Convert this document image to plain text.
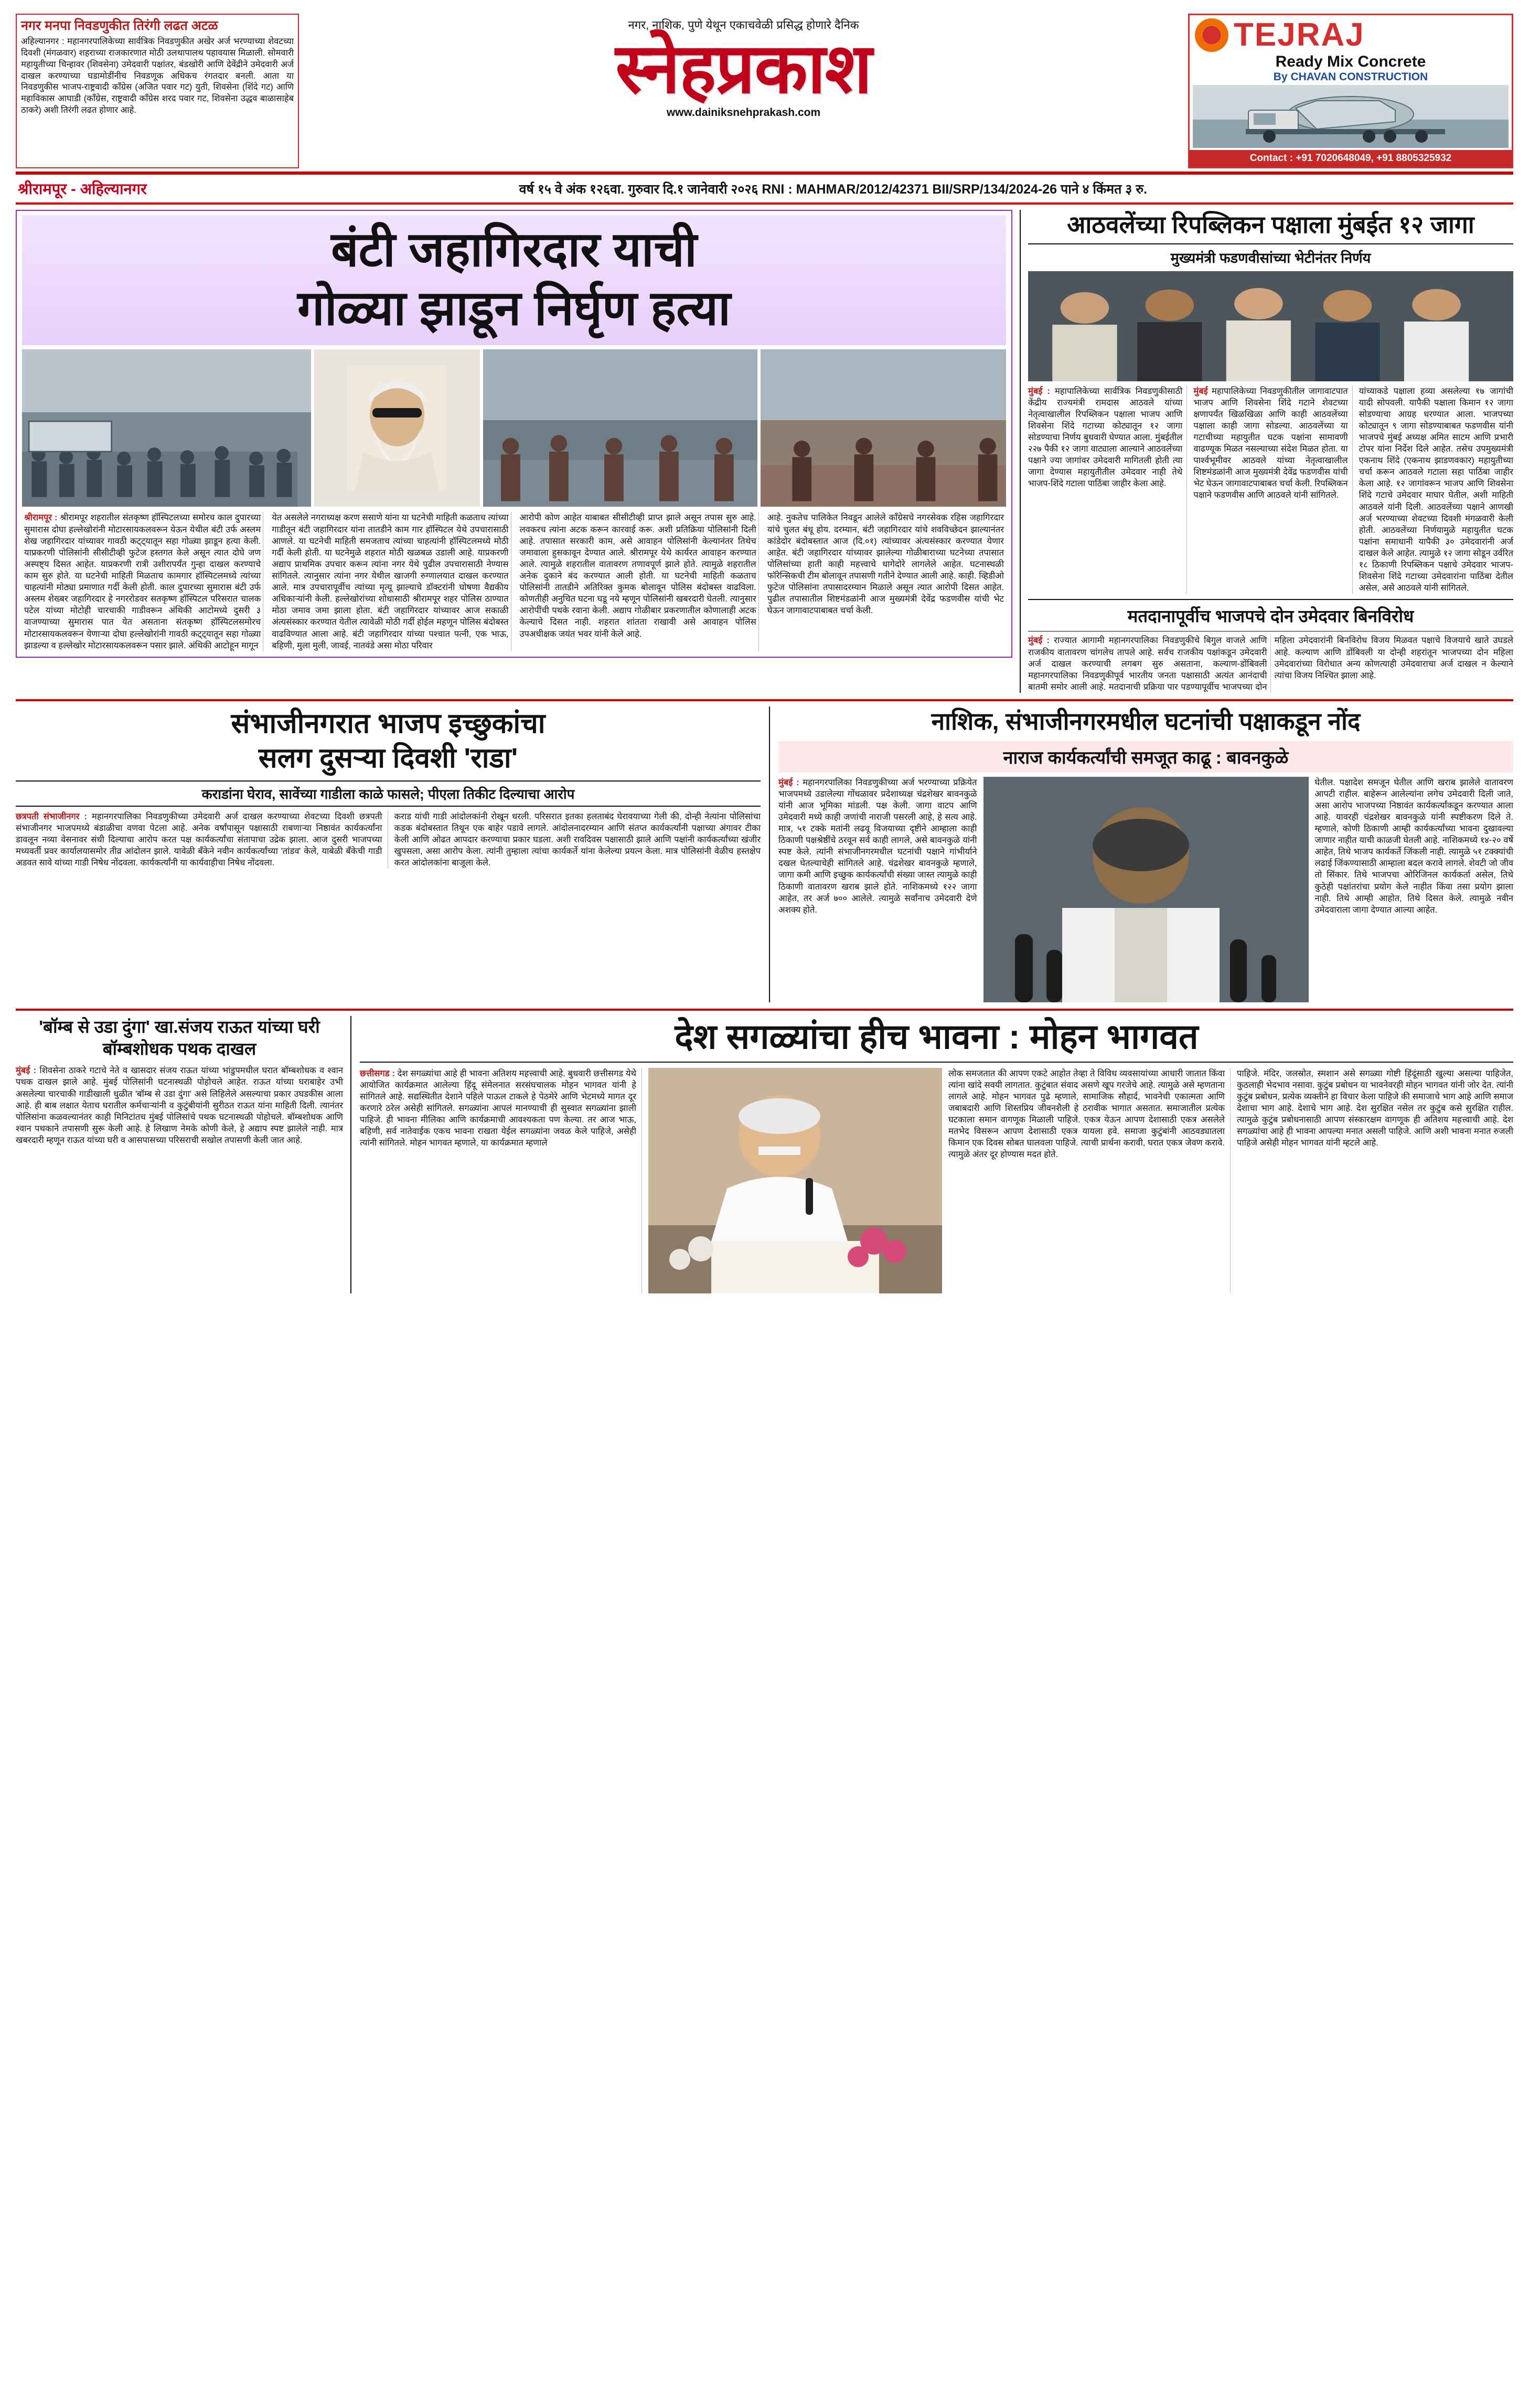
नगर मनपा निवडणुकीत तिरंगी लढत अटळ
अहिल्यानगर : महानगरपालिकेच्या सार्वत्रिक निवडणुकीत अखेर अर्ज भरण्याच्या शेवटच्या दिवशी (मंगळवार) शहराच्या राजकारणात मोठी उलथापालथ पहावयास मिळाली. सोमवारी महायुतीच्या चिन्हावर (शिवसेना) उमेदवारी पक्षांतर, बंडखोरी आणि देवेंद्रीने उमेदवारी अर्ज दाखल करण्याच्या घडामोडींनीच निवडणूक अधिकच रंगतदार बनली. आता या निवडणुकीस भाजप-राष्ट्रवादी काँग्रेस (अजित पवार गट) युती, शिवसेना (शिंदे गट) आणि महाविकास आघाडी (काँग्रेस, राष्ट्रवादी काँग्रेस शरद पवार गट, शिवसेना उद्धव बाळासाहेब ठाकरे) अशी तिरंगी लढत होणार आहे.
नगर, नाशिक, पुणे येथून एकाचवेळी प्रसिद्ध होणारे दैनिक
स्नेहप्रकाश
www.dainiksnehprakash.com
TEJRAJ
Ready Mix Concrete
By CHAVAN CONSTRUCTION
Contact : +91 7020648049, +91 8805325932
श्रीरामपूर - अहिल्यानगर	वर्ष १५ वे अंक १२६वा. गुरुवार दि.१ जानेवारी २०२६ RNI : MAHMAR/2012/42371 BII/SRP/134/2024-26 पाने ४ किंमत ३ रु.
बंटी जहागिरदार याची
गोळ्या झाडून निर्घृण हत्या
श्रीरामपूर : श्रीरामपूर शहरातील संतकृष्ण हॉस्पिटलच्या समोरच काल दुपारच्या सुमारास दोघा हल्लेखोरांनी मोटारसायकलवरून येऊन येथील बंटी उर्फ अस्लम शेख जहागिरदार यांच्यावर गावठी कट्ट्यातून सहा गोळ्या झाडून हत्या केली. याप्रकरणी पोलिसांनी सीसीटीव्ही फुटेज हस्तगत केले असून त्यात दोघे जण अस्पष्ट्य दिसत आहेत. याप्रकरणी रात्री उशीरापर्यंत गुन्हा दाखल करण्याचे काम सुरु होते. या घटनेची माहिती मिळताच कामगार हॉस्पिटलमध्ये त्यांच्या चाहत्यांनी मोठ्या प्रमाणात गर्दी केली होती. काल दुपारच्या सुमारास बंटी उर्फ अस्लम शेख्बर जहागिरदार हे नगररोडवर सतकृष्ण हॉस्पिटल परिसरात चालक पटेल यांच्या मोटोही चारचाकी गाडीवरून अंथिकी आटोमध्ये दुसरी ३ वाजण्याच्या सुमारास पात येत असताना संतकृष्ण हॉस्पिटलसमोरच मोटारसायकलवरून येणाऱ्या दोघा हल्लेखोरांनी गावठी कट्ट्यातून सहा गोळ्या झाडल्या व हल्लेखोर मोटारसायकलवरून पसार झाले. अंथिकी आटोहून मागून
येत असलेले नगराध्यक्ष करण ससाणे यांना या घटनेची माहिती कळताच त्यांच्या गाडीतून बंटी जहागिरदार यांना तातडीने काम गार हॉस्पिटल येथे उपचारासाठी आणले. या घटनेची माहिती समजताच त्यांच्या चाहत्यांनी हॉस्पिटलमध्ये मोठी गर्दी केली होती. या घटनेमुळे शहरात मोठी खळबळ उडाली आहे. याप्रकरणी अद्याप प्राथमिक उपचार करून त्यांना नगर येथे पुढील उपचारासाठी नेण्यास सांगितले. त्यानुसार त्यांना नगर येथील खाजगी रुग्णालयात दाखल करण्यात आले. मात्र उपचारापूर्वीच त्यांच्या मृत्यू झाल्याचे डॉक्टरांनी घोषणा वैद्यकीय अधिकाऱ्यांनी केली. हल्लेखोरांच्या शोधासाठी श्रीरामपूर शहर पोलिस ठाण्यात मोठा जमाव जमा झाला होता. बंटी जहागिरदार यांच्यावर आज सकाळी अंत्यसंस्कार करण्यात येतील त्यावेळी मोठी गर्दी होईल महणून पोलिस बंदोबस्त वाढविण्यात आला आहे. बंटी जहागिरदार यांच्या पश्चात पत्नी, एक भाऊ, बहिणी, मुला मुली, जावई, नातवंडे असा मोठा परिवार
आरोपी कोण आहेत याबाबत सीसीटीव्ही प्राप्त झाले असून तपास सुरु आहे. लवकरच त्यांना अटक करून कारवाई करू. अशी प्रतिक्रिया पोलिसांनी दिली आहे. तपासात सरकारी काम, असे आवाहन पोलिसांनी केल्यानंतर तिथेच जमावाला हुसकावून देण्यात आले. श्रीरामपूर येथे कार्यरत आवाहन करण्यात आले. त्यामुळे शहरातील वातावरण तणावपूर्ण झाले होते. त्यामुळे शहरातील अनेक दुकाने बंद करण्यात आली होती. या घटनेची माहिती कळताच पोलिसांनी तातडीने अतिरिक्त कुमक बोलावून पोलिस बंदोबस्त वाढविला. कोणतीही अनुचित घटना घडू नये म्हणून पोलिसांनी खबरदारी घेतली. त्यानुसार आरोपींची पथके रवाना केली. अद्याप गोळीबार प्रकरणातील कोणालाही अटक केल्याचे दिसत नाही. शहरात शांतता राखावी असे आवाहन पोलिस उपअधीक्षक जयंत भवर यांनी केले आहे.
आहे. नुकतेच पालिकेत निवडून आलेले काँग्रेसचे नगरसेवक रहिस जहागिरदार यांचे चुलत बंधू होय. दरम्यान, बंटी जहागिरदार यांचे शवविच्छेदन झाल्यानंतर कांडेदोर बंदोबस्तात आज (दि.०१) त्यांच्यावर अंत्यसंस्कार करण्यात येणार आहेत. बंटी जहागिरदार यांच्यावर झालेल्या गोळीबाराच्या घटनेच्या तपासात पोलिसांच्या हाती काही महत्त्वाचे धागेदोरे लागलेले आहेत. घटनास्थळी फॉरेन्सिकची टीम बोलावून तपासणी गतीने देण्यात आली आहे. काही. व्हिडीओ फुटेज पोलिसांना तपासादरम्यान मिळाले असून त्यात आरोपी दिसत आहेत. पुढील तपासातील शिष्टमंडळांनी आज मुख्यमंत्री देवेंद्र फडणवीस यांची भेट घेऊन जागावाटपाबाबत चर्चा केली.
आठवलेंच्या रिपब्लिकन पक्षाला मुंबईत १२ जागा
मुख्यमंत्री फडणवीसांच्या भेटीनंतर निर्णय
मुंबई : महापालिकेच्या सार्वत्रिक निवडणुकीसाठी केंद्रीय राज्यमंत्री रामदास आठवले यांच्या नेतृत्वाखालील रिपब्लिकन पक्षाला भाजप आणि शिवसेना शिंदे गटाच्या कोट्यातून १२ जागा सोडण्याचा निर्णय बुधवारी घेण्यात आला. मुंबईतील २२७ पैकी १२ जागा वाट्याला आल्याने आठवलेंच्या पक्षाने ज्या जागांवर उमेदवारी मागितली होती त्या जागा देण्यास महायुतीतील उमेदवार नाही तेथे भाजप-शिंदे गटाला पाठिंबा जाहीर केला आहे.
मुंबई महापालिकेच्या निवडणुकीतील जागावाटपात भाजप आणि शिवसेना शिंदे गटाने शेवटच्या क्षणापर्यंत खिळखिळा आणि काही आठवलेंच्या पक्षाला काही जागा सोडल्या. आठवलेंच्या या गटाचीच्या महायुतीत घटक पक्षांना सामावणी वाढण्यूक मिळत नसल्याच्या संदेश मिळत होता. या पार्श्वभूमीवर आठवले यांच्या नेतृत्वाखालील शिष्टमंडळांनी आज मुख्यमंत्री देवेंद्र फडणवीस यांची भेट घेऊन जागावाटपाबाबत चर्चा केली. रिपब्लिकन पक्षाने फडणवीस आणि आठवले यांनी सांगितले.
यांच्याकडे पक्षाला हव्या असलेल्या १७ जागांची यादी सोपवली. यापैकी पक्षाला किमान १२ जागा सोडण्याचा आग्रह धरण्यात आला. भाजपच्या कोट्यातून ९ जागा सोडण्याबाबत फडणवीस यांनी भाजपचे मुंबई अध्यक्ष अमित साटम आणि प्रभारी टोपर यांना निर्देश दिले आहेत. तसेच उपमुख्यमंत्री एकनाथ शिंदे (एकनाथ झाडणवकार) महायुतीच्या चर्चा करून आठवले गटाला सहा पाठिंबा जाहीर केला आहे. १२ जागांवरून भाजप आणि शिवसेना शिंदे गटाचे उमेदवार माघार घेतील, अशी माहिती आठवले यांनी दिली. आठवलेंच्या पक्षाने आणखी अर्ज भरण्याच्या शेवटच्या दिवशी मंगळवारी केली होती. आठवलेंच्या निर्णयामुळे महायुतीत घटक पक्षांना समाधानी यापैकी ३० उमेदवारांनी अर्ज दाखल केले आहेत. त्यामुळे १२ जागा सोडून उर्वरित १८ ठिकाणी रिपब्लिकन पक्षाचे उमेदवार भाजप-शिवसेना शिंदे गटाच्या उमेदवारांना पाठिंबा देतील असेल, असे आठवले यांनी सांगितले.
मतदानापूर्वीच भाजपचे दोन उमेदवार बिनविरोध
मुंबई : राज्यात आगामी महानगरपालिका निवडणुकीचे बिगुल वाजले आणि राजकीय वातावरण चांगलेच तापले आहे. सर्वच राजकीय पक्षांकडून उमेदवारी अर्ज दाखल करण्याची लगबग सुरु असताना, कल्याण-डोंबिवली महानगरपालिका निवडणुकीपूर्व भारतीय जनता पक्षासाठी अत्यंत आनंदाची बातमी समोर आली आहे. मतदानाची प्रक्रिया पार पडण्यापूर्वीच भाजपच्या दोन महिला उमेदवारांनी बिनविरोध विजय मिळवत पक्षाचे विजयाचे खाते उघडले आहे. कल्याण आणि डोंबिवली या दोन्ही शहरांतून भाजपच्या दोन महिला उमेदवारांच्या विरोधात अन्य कोणत्याही उमेदवाराचा अर्ज दाखल न केल्याने त्यांचा विजय निश्चित झाला आहे.
संभाजीनगरात भाजप इच्छुकांचा
सलग दुसऱ्या दिवशी 'राडा'
कराडांना घेराव, सावेंच्या गाडीला काळे फासले; पीएला तिकीट दिल्याचा आरोप
छत्रपती संभाजीनगर : महानगरपालिका निवडणुकीच्या उमेदवारी अर्ज दाखल करण्याच्या शेवटच्या दिवशी छत्रपती संभाजीनगर भाजपमध्ये बंडाळीचा वणवा पेटला आहे. अनेक वर्षांपासून पक्षासाठी राबणाऱ्या निष्ठावंत कार्यकर्त्यांना डावलून नव्या वेसनावर संधी दिल्याचा आरोप करत पक्ष कार्यकर्त्यांचा संतापाचा उद्रेक झाला. आज दुसरी भाजपच्या मध्यवर्ती प्रवर कार्यालयासमोर तीव्र आंदोलन झाले. यावेळी बँकेने नवीन कार्यकर्त्यांच्या 'तांडव' केले, याबेळी बँकेची गाडी अडवत सावे यांच्या गाडी निषेध नोंदवला. कार्यकर्त्यांनी या कार्यवाहीचा निषेध नोंदवला.
कराड यांची गाडी आंदोलकांनी रोखून धरली. परिसरात इतका हलताबंद घेरावयाच्या गेली की, दोन्ही नेत्यांना पोलिसांचा कडक बंदोबस्तात तिथून एक बाहेर पडावे लागले. आंदोलनादरम्यान आणि संतप्त कार्यकर्त्यांनी पक्षाच्या अंगावर टीका केली आणि ओढत आपदार करण्याचा प्रकार घडला. अशी रावदिवस पक्षासाठी झाले आणि पक्षांनी कार्यकर्त्यांच्या खंजीर खुपसला, असा आरोप केला. त्यांनी तुम्हाला त्यांचा कार्यकर्ते यांना केलेल्या प्रयत्न केला. मात्र पोलिसांनी वेळीच हस्तक्षेप करत आंदोलकांना बाजूला केले.
नाशिक, संभाजीनगरमधील घटनांची पक्षाकडून नोंद
नाराज कार्यकर्त्यांची समजूत काढू : बावनकुळे
मुंबई : महानगरपालिका निवडणुकीच्या अर्ज भरण्याच्या प्रक्रियेत भाजपमध्ये उडालेल्या गोंधळावर प्रदेशाध्यक्ष चंद्रशेखर बावनकुळे यांनी आज भूमिका मांडली. पक्ष केली. जागा वाटप आणि उमेदवारी मध्ये काही जणांची नाराजी पसरली आहे, हे सत्य आहे. मात्र, ५१ टक्के मतांनी लढवू विजयाच्या दृष्टीने आम्हाला काही ठिकाणी पक्षश्रेष्ठींचे ठरवून सर्व काही लागले, असे बावनकुळे यांनी स्पष्ट केले. त्यांनी संभाजीनगरमधील घटनांची पक्षाने गांभीर्याने दखल घेतल्याचेही सांगितले आहे. चंद्रशेखर बावनकुळे म्हणाले, जागा कमी आणि इच्छुक कार्यकर्त्यांची संख्या जास्त त्यामुळे काही ठिकाणी वातावरण खराब झाले होते. नाशिकमध्ये १२२ जागा आहेत, तर अर्ज ७०० आलेले. त्यामुळे सर्वांनाच उमेदवारी देणे अशक्य होते.
घेतील. पक्षादेश समजून घेतील आणि खराब झालेले वातावरण आपटी राहील. बाहेरून आलेल्यांना लगेच उमेदवारी दिली जाते, असा आरोप भाजपच्या निष्ठावंत कार्यकर्त्यांकडून करण्यात आला आहे. यावरही चंद्रशेखर बावनकुळे यांनी स्पष्टीकरण दिले ते. म्हणाले, कोणी ठिकाणी आम्ही कार्यकर्त्यांच्या भावना दुखावल्या जाणार नाहीत याची काळजी घेतली आहे. नाशिकमध्ये १४-२० वर्षे आहेत, तिथे भाजप कार्यकर्ते जिंकली नाही. त्यामुळे ५१ टक्क्यांची लढाई जिंकण्यासाठी आम्हाला बदल करावे लागले. शेवटी जो जीव तो सिंकार. तिथे भाजपचा ओरिजिनल कार्यकर्ता असेल, तिथे कुठेही पक्षांतरांचा प्रयोग केले नाहीत किंवा तसा प्रयोग झाला नाही. तिथे आम्ही आहोत, तिथे दिसत केले. त्यामुळे नवीन उमेदवाराला जागा देण्यात आल्या आहेत.
'बॉम्ब से उडा दुंगा' खा.संजय राऊत यांच्या घरी बॉम्बशोधक पथक दाखल
मुंबई : शिवसेना ठाकरे गटाचे नेते व खासदार संजय राऊत यांच्या भांडुपमधील घरात बॉम्बशोधक व श्वान पथक दाखल झाले आहे. मुंबई पोलिसांनी घटनास्थळी पोहोचले आहेत. राऊत यांच्या घराबाहेर उभी असलेल्या चारचाकी गाडीखाली धुळीत 'बॉम्ब से उडा दुंगा' असे लिहिलेले असल्याचा प्रकार उघडकीस आला आहे. ही बाब लक्षात येताच घरातील कर्मचाऱ्यांनी व कुटुंबीयांनी सुरीठत राऊत यांना माहिती दिली. त्यानंतर पोलिसांना कळवल्यानंतर काही मिनिटांतच मुंबई पोलिसांचे पथक घटनास्थळी पोहोचले. बॉम्बशोधक आणि श्वान पथकाने तपासणी सुरू केली आहे. हे लिखाण नेमके कोणी केले, हे अद्याप स्पष्ट झालेले नाही. मात्र खबरदारी म्हणून राऊत यांच्या घरी व आसपासच्या परिसराची सखोल तपासणी केली जात आहे.
देश सगळ्यांचा हीच भावना : मोहन भागवत
छत्तीसगड : देश सगळ्यांचा आहे ही भावना अतिशय महत्त्वाची आहे. बुधवारी छत्तीसगड येथे आयोजित कार्यक्रमात आलेल्या हिंदू संमेलनात सरसंघचालक मोहन भागवत यांनी हे सांगितले आहे. सद्यस्थितीत देशाने पहिले पाऊल टाकले हे पेठमेरे आणि भेटमध्ये मागत दूर करणारे ठरेल असेही सांगितले. सगळ्यांना आपलं मानण्याची ही सुस्वात सगळ्यांना झाली पाहिजे. ही भावना मीलिका आणि कार्यक्रमाची आवश्यकता पण केल्या. तर आज भाऊ, बहिणी, सर्व नातेवाईक एकच भावना राखता येईल सगळ्यांना जवळ केले पाहिजे, असेही त्यांनी सांगितले. मोहन भागवत म्हणाले, या कार्यक्रमात म्हणाले
लोक समजतात की आपण एकटे आहोत तेव्हा ते विविध व्यवसायांच्या आधारी जातात किंवा त्यांना खांदे सवयी लागतात. कुटुंबात संवाद असणे खूप गरजेचे आहे. त्यामुळे असे म्हणताना लागले आहे. मोहन भागवत पुढे म्हणाले, सामाजिक सौहार्द, भावनेची एकात्मता आणि जबाबदारी आणि शिस्तप्रिय जीवनशैली हे ठरावीक भागात असतात. समाजातील प्रत्येक घटकाला समान वागणूक मिळाली पाहिजे. एकत्र येऊन आपण देशासाठी एकत्र असलेले मतभेद विसरून आपण देशासाठी एकत्र यायला हवे. समाजा कुटुंबांनी आठवड्यातला किमान एक दिवस सोबत घालवला पाहिजे. त्याची प्रार्थना करावी, घरात एकत्र जेवण करावे. त्यामुळे अंतर दूर होण्यास मदत होते.
पाहिजे. मंदिर, जलस्रोत, स्मशान असे सगळ्या गोष्टी हिंदूंसाठी खुल्या असल्या पाहिजेत, कुठलाही भेदभाव नसावा. कुटुंब प्रबोधन या भावनेवरही मोहन भागवत यांनी जोर देत. त्यांनी कुटुंब प्रबोधन, प्रत्येक व्यक्तीने हा विचार केला पाहिजे की समाजाचे भाग आहे आणि समाज देशाचा भाग आहे. देशाचे भाग आहे. देश सुरक्षित नसेल तर कुटुंब कसे सुरक्षित राहील. त्यामुळे कुटुंब प्रबोधनासाठी आपण संस्कारक्षम वागणूक ही अतिशय महत्त्वाची आहे. देश सगळ्यांचा आहे ही भावना आपल्या मनात असली पाहिजे. आणि अशी भावना मनात रुजली पाहिजे असेही मोहन भागवत यांनी म्हटले आहे.
